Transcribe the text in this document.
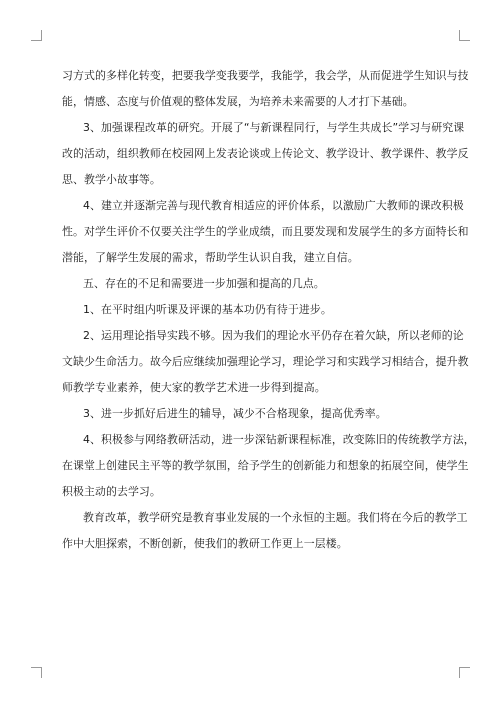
习方式的多样化转变，把要我学变我要学，我能学，我会学，从而促进学生知识与技
能，情感、态度与价值观的整体发展，为培养未来需要的人才打下基础。

3、加强课程改革的研究。开展了“与新课程同行，与学生共成长”学习与研究课
改的活动，组织教师在校园网上发表论谈或上传论文、教学设计、教学课件、教学反
思、教学小故事等。

4、建立并逐渐完善与现代教育相适应的评价体系，以激励广大教师的课改积极
性。对学生评价不仅要关注学生的学业成绩，而且要发现和发展学生的多方面特长和
潜能，了解学生发展的需求，帮助学生认识自我，建立自信。

五、存在的不足和需要进一步加强和提高的几点。

1、在平时组内听课及评课的基本功仍有待于进步。

2、运用理论指导实践不够。因为我们的理论水平仍存在着欠缺，所以老师的论
文缺少生命活力。故今后应继续加强理论学习，理论学习和实践学习相结合，提升教
师教学专业素养，使大家的教学艺术进一步得到提高。

3、进一步抓好后进生的辅导，减少不合格现象，提高优秀率。

4、积极参与网络教研活动，进一步深钻新课程标准，改变陈旧的传统教学方法，
在课堂上创建民主平等的教学氛围，给予学生的创新能力和想象的拓展空间，使学生
积极主动的去学习。

教育改革，教学研究是教育事业发展的一个永恒的主题。我们将在今后的教学工
作中大胆探索，不断创新，使我们的教研工作更上一层楼。
